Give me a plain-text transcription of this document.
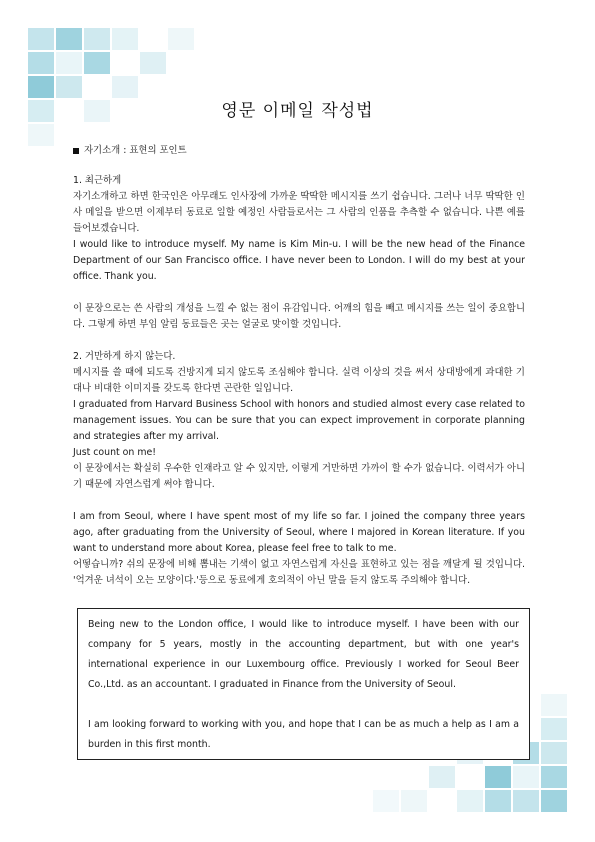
영문 이메일 작성법
자기소개 : 표현의 포인트

1. 최근하게

자기소개하고 하면 한국인은 아무래도 인사장에 가까운 딱딱한 메시지를 쓰기 쉽습니다. 그러나 너무 딱딱한 인사 메일을 받으면 이제부터 동료로 일할 예정인 사람들로서는 그 사람의 인품을 추측할 수 없습니다. 나쁜 예를 들어보겠습니다.

I would like to introduce myself. My name is Kim Min-u. I will be the new head of the Finance Department of our San Francisco office. I have never been to London. I will do my best at your office. Thank you.

이 문장으로는 쓴 사람의 개성을 느낄 수 없는 점이 유감입니다. 어깨의 힘을 빼고 메시지를 쓰는 일이 중요합니다. 그렇게 하면 부임 알림 동료들은 곳는 얼굴로 맞이할 것입니다.

2. 거만하게 하지 않는다.

메시지를 쓸 때에 되도록 건방지게 되지 않도록 조심해야 합니다. 실력 이상의 것을 써서 상대방에게 과대한 기대나 비대한 이미지를 갖도록 한다면 곤란한 일입니다.

I graduated from Harvard Business School with honors and studied almost every case related to management issues. You can be sure that you can expect improvement in corporate planning and strategies after my arrival.

Just count on me!

이 문장에서는 확실히 우수한 인재라고 알 수 있지만, 이렇게 거만하면 가까이 할 수가 없습니다. 이력서가 아니기 때문에 자연스럽게 써야 합니다.

I am from Seoul, where I have spent most of my life so far. I joined the company three years ago, after graduating from the University of Seoul, where I majored in Korean literature. If you want to understand more about Korea, please feel free to talk to me.

어떻습니까? 쉬의 문장에 비해 뽐내는 기색이 없고 자연스럽게 자신을 표현하고 있는 점을 깨달게 될 것입니다. '억겨운 녀석이 오는 모양이다.'등으로 동료에게 호의적이 아닌 말을 듣지 않도록 주의해야 합니다.

Being new to the London office, I would like to introduce myself. I have been with our company for 5 years, mostly in the accounting department, but with one year's international experience in our Luxembourg office. Previously I worked for Seoul Beer Co.,Ltd. as an accountant. I graduated in Finance from the University of Seoul.

I am looking forward to working with you, and hope that I can be as much a help as I am a burden in this first month.
